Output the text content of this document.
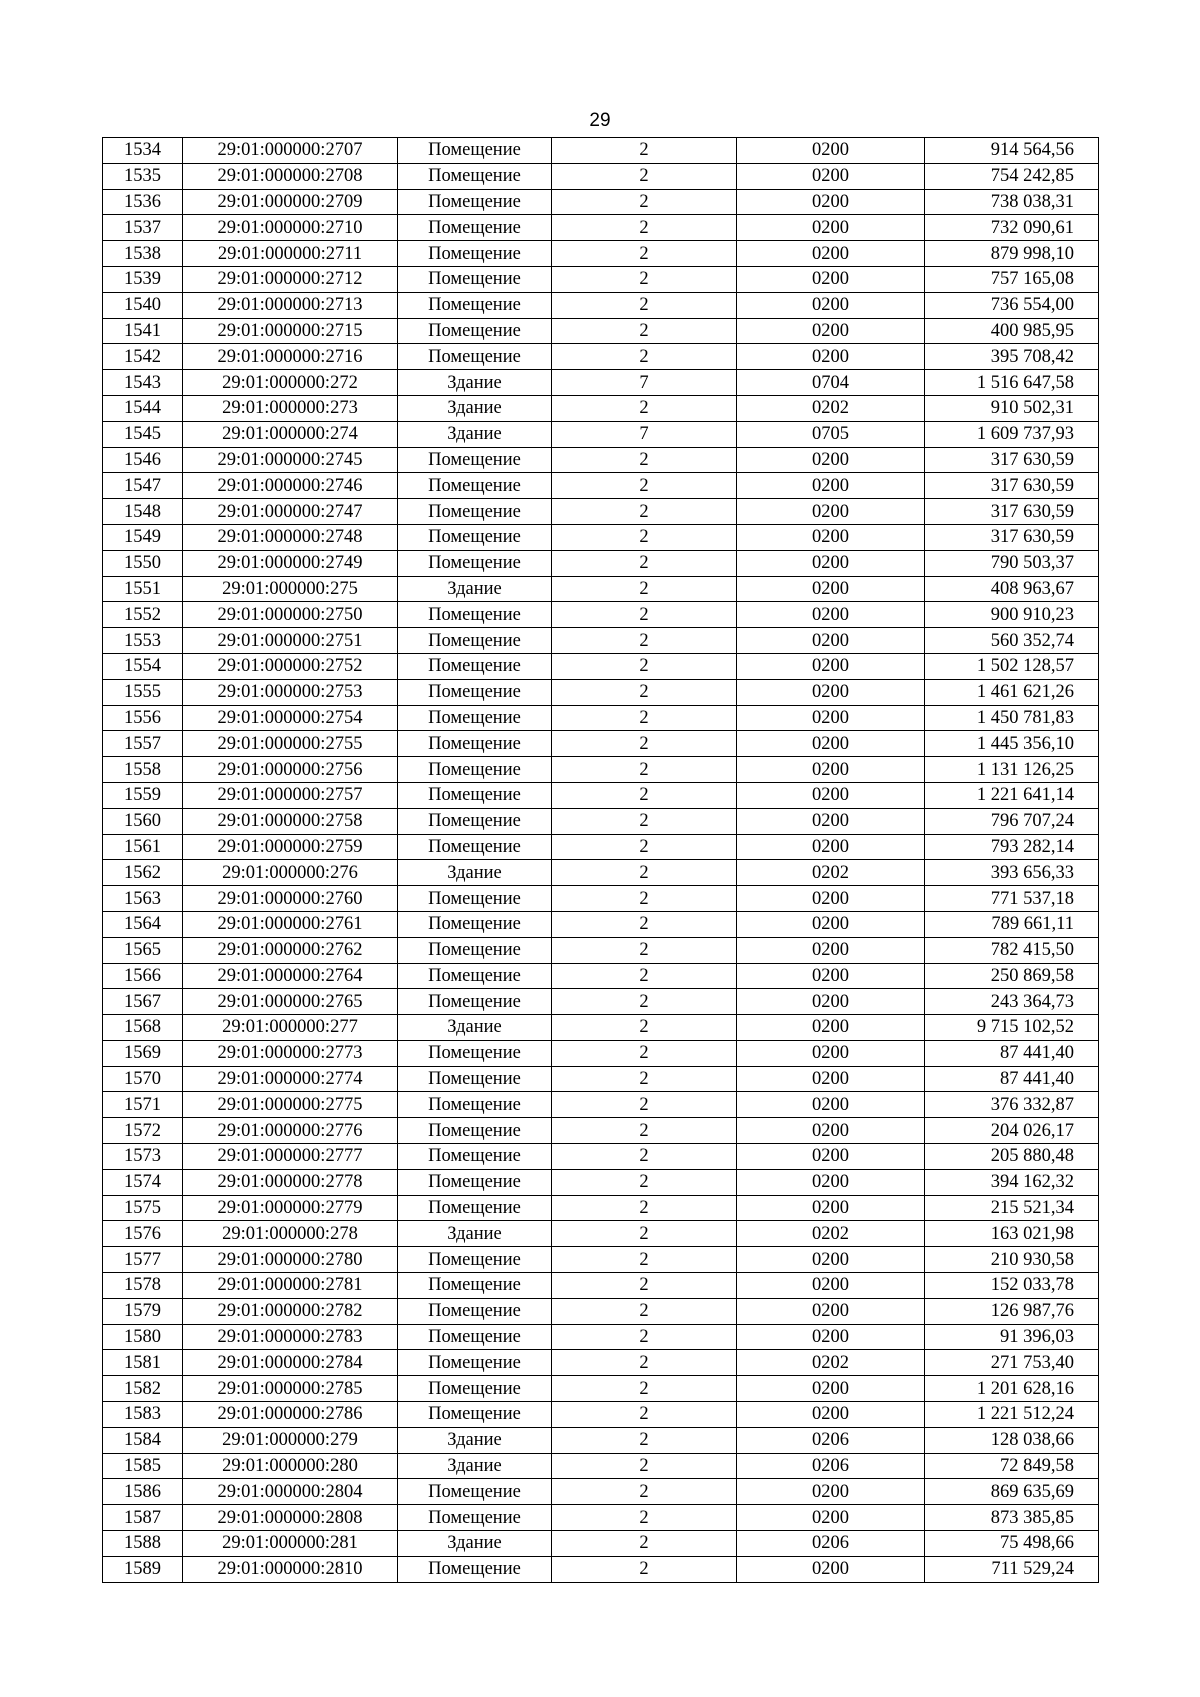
29
1534	29:01:000000:2707	Помещение	2	0200	914 564,56
1535	29:01:000000:2708	Помещение	2	0200	754 242,85
1536	29:01:000000:2709	Помещение	2	0200	738 038,31
1537	29:01:000000:2710	Помещение	2	0200	732 090,61
1538	29:01:000000:2711	Помещение	2	0200	879 998,10
1539	29:01:000000:2712	Помещение	2	0200	757 165,08
1540	29:01:000000:2713	Помещение	2	0200	736 554,00
1541	29:01:000000:2715	Помещение	2	0200	400 985,95
1542	29:01:000000:2716	Помещение	2	0200	395 708,42
1543	29:01:000000:272	Здание	7	0704	1 516 647,58
1544	29:01:000000:273	Здание	2	0202	910 502,31
1545	29:01:000000:274	Здание	7	0705	1 609 737,93
1546	29:01:000000:2745	Помещение	2	0200	317 630,59
1547	29:01:000000:2746	Помещение	2	0200	317 630,59
1548	29:01:000000:2747	Помещение	2	0200	317 630,59
1549	29:01:000000:2748	Помещение	2	0200	317 630,59
1550	29:01:000000:2749	Помещение	2	0200	790 503,37
1551	29:01:000000:275	Здание	2	0200	408 963,67
1552	29:01:000000:2750	Помещение	2	0200	900 910,23
1553	29:01:000000:2751	Помещение	2	0200	560 352,74
1554	29:01:000000:2752	Помещение	2	0200	1 502 128,57
1555	29:01:000000:2753	Помещение	2	0200	1 461 621,26
1556	29:01:000000:2754	Помещение	2	0200	1 450 781,83
1557	29:01:000000:2755	Помещение	2	0200	1 445 356,10
1558	29:01:000000:2756	Помещение	2	0200	1 131 126,25
1559	29:01:000000:2757	Помещение	2	0200	1 221 641,14
1560	29:01:000000:2758	Помещение	2	0200	796 707,24
1561	29:01:000000:2759	Помещение	2	0200	793 282,14
1562	29:01:000000:276	Здание	2	0202	393 656,33
1563	29:01:000000:2760	Помещение	2	0200	771 537,18
1564	29:01:000000:2761	Помещение	2	0200	789 661,11
1565	29:01:000000:2762	Помещение	2	0200	782 415,50
1566	29:01:000000:2764	Помещение	2	0200	250 869,58
1567	29:01:000000:2765	Помещение	2	0200	243 364,73
1568	29:01:000000:277	Здание	2	0200	9 715 102,52
1569	29:01:000000:2773	Помещение	2	0200	87 441,40
1570	29:01:000000:2774	Помещение	2	0200	87 441,40
1571	29:01:000000:2775	Помещение	2	0200	376 332,87
1572	29:01:000000:2776	Помещение	2	0200	204 026,17
1573	29:01:000000:2777	Помещение	2	0200	205 880,48
1574	29:01:000000:2778	Помещение	2	0200	394 162,32
1575	29:01:000000:2779	Помещение	2	0200	215 521,34
1576	29:01:000000:278	Здание	2	0202	163 021,98
1577	29:01:000000:2780	Помещение	2	0200	210 930,58
1578	29:01:000000:2781	Помещение	2	0200	152 033,78
1579	29:01:000000:2782	Помещение	2	0200	126 987,76
1580	29:01:000000:2783	Помещение	2	0200	91 396,03
1581	29:01:000000:2784	Помещение	2	0202	271 753,40
1582	29:01:000000:2785	Помещение	2	0200	1 201 628,16
1583	29:01:000000:2786	Помещение	2	0200	1 221 512,24
1584	29:01:000000:279	Здание	2	0206	128 038,66
1585	29:01:000000:280	Здание	2	0206	72 849,58
1586	29:01:000000:2804	Помещение	2	0200	869 635,69
1587	29:01:000000:2808	Помещение	2	0200	873 385,85
1588	29:01:000000:281	Здание	2	0206	75 498,66
1589	29:01:000000:2810	Помещение	2	0200	711 529,24
